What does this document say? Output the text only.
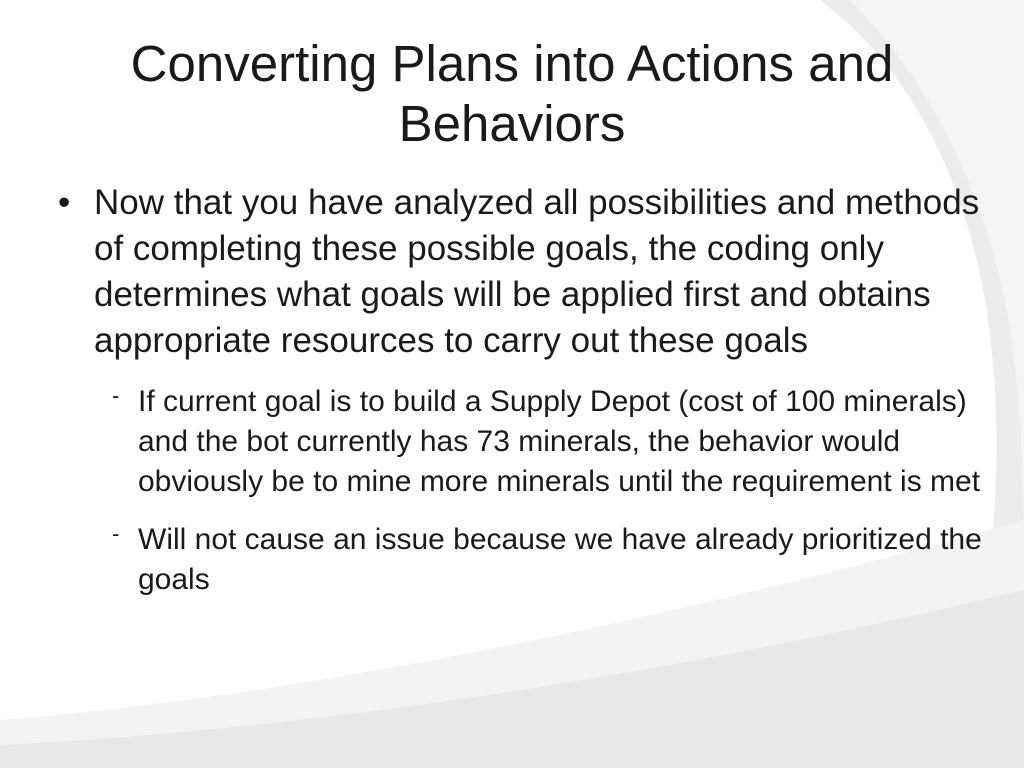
Converting Plans into Actions and Behaviors
• Now that you have analyzed all possibilities and methods of completing these possible goals, the coding only determines what goals will be applied first and obtains appropriate resources to carry out these goals
- If current goal is to build a Supply Depot (cost of 100 minerals) and the bot currently has 73 minerals, the behavior would obviously be to mine more minerals until the requirement is met
- Will not cause an issue because we have already prioritized the goals
